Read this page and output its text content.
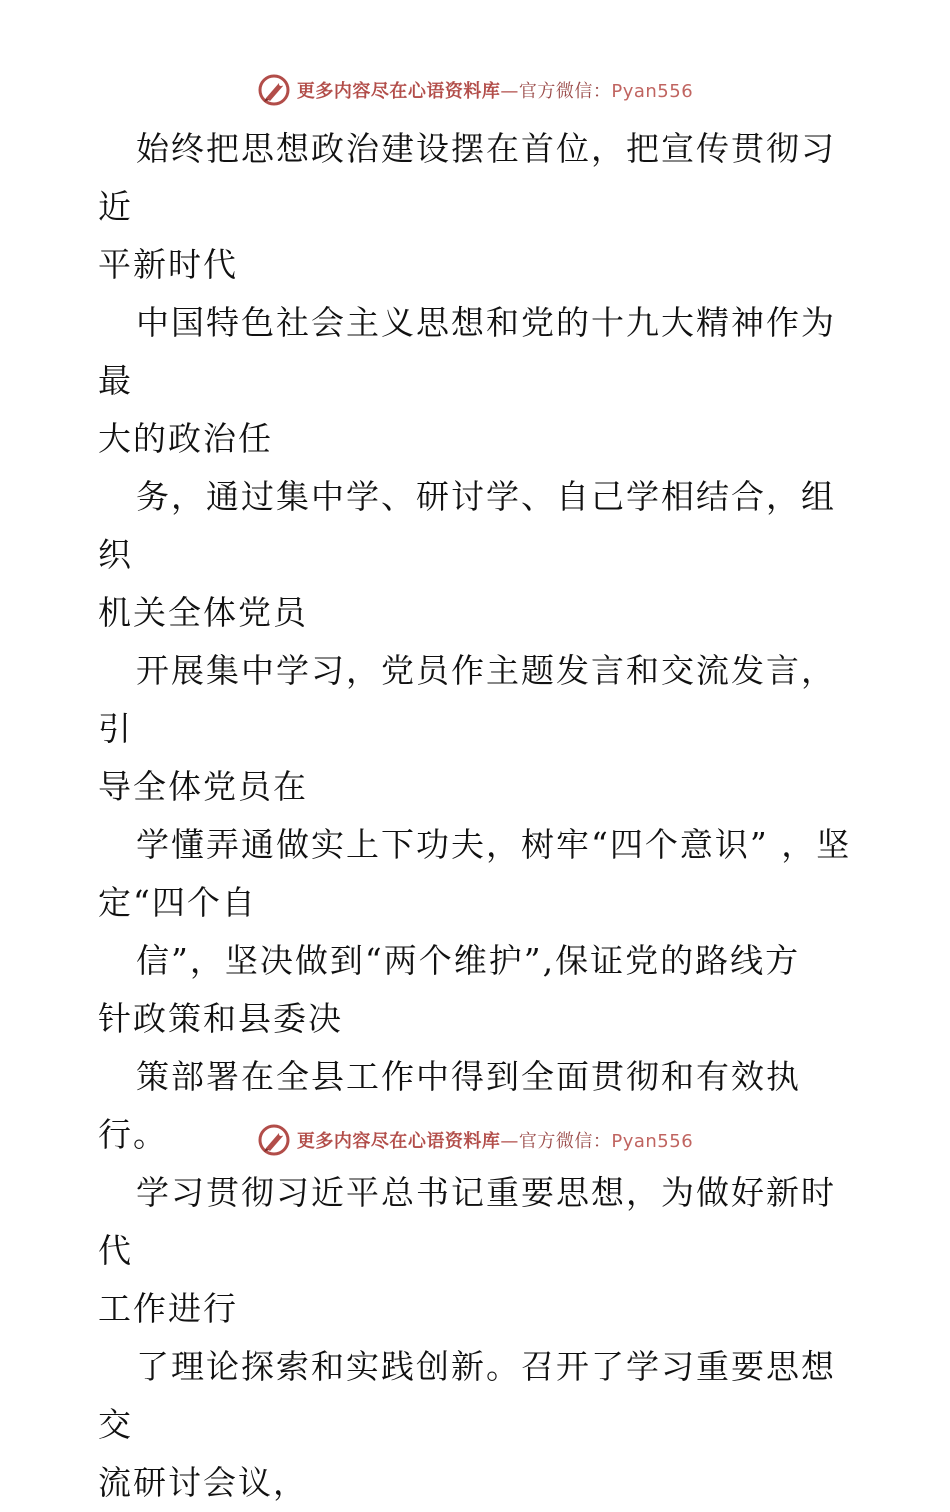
更多内容尽在心语资料库—官方微信：Pyan556

始终把思想政治建设摆在首位，把宣传贯彻习近
平新时代

中国特色社会主义思想和党的十九大精神作为最
大的政治任

务，通过集中学、研讨学、自己学相结合，组织
机关全体党员

开展集中学习，党员作主题发言和交流发言，引
导全体党员在

学懂弄通做实上下功夫，树牢“四个意识” ，坚
定“四个自

信”，坚决做到“两个维护”,保证党的路线方
针政策和县委决

策部署在全县工作中得到全面贯彻和有效执行。

学习贯彻习近平总书记重要思想，为做好新时代
工作进行

了理论探索和实践创新。召开了学习重要思想交
流研讨会议，

更多内容尽在心语资料库—官方微信：Pyan556
